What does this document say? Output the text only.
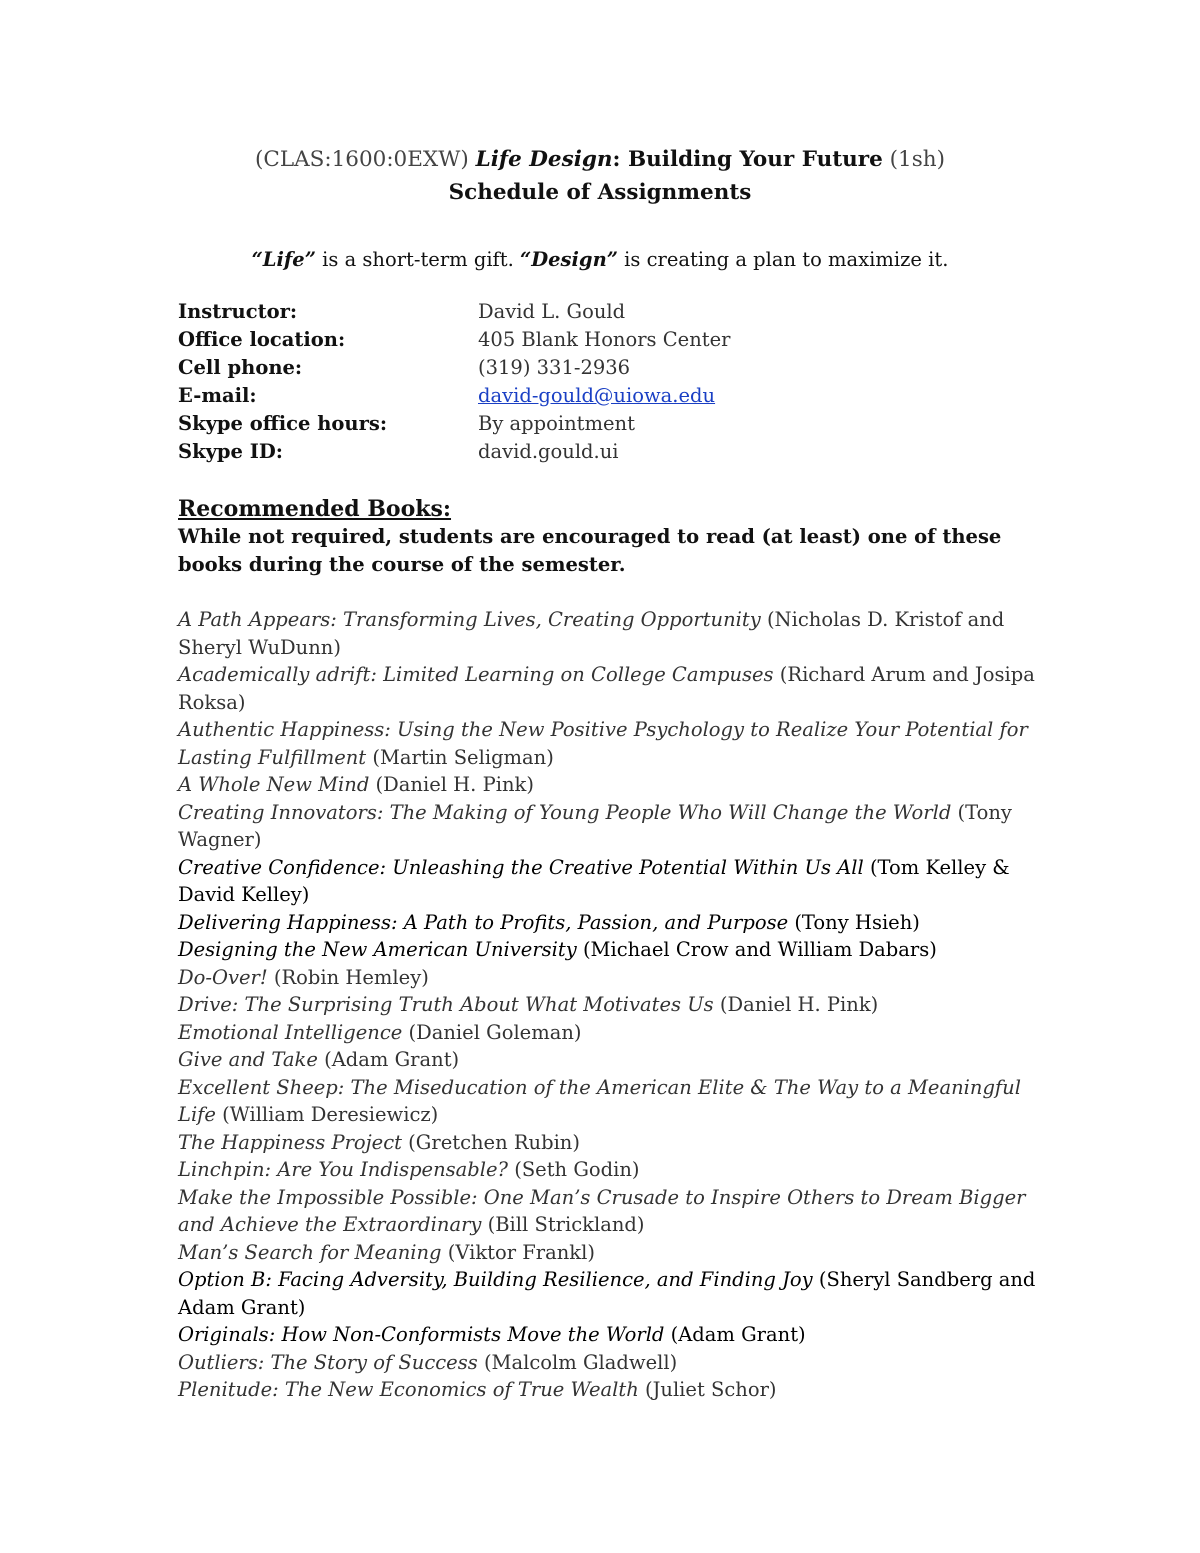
(CLAS:1600:0EXW) Life Design: Building Your Future (1sh)
Schedule of Assignments
“Life” is a short-term gift. “Design” is creating a plan to maximize it.
Instructor:	David L. Gould
Office location:	405 Blank Honors Center
Cell phone:	(319) 331-2936
E-mail:	david-gould@uiowa.edu
Skype office hours:	By appointment
Skype ID:	david.gould.ui
Recommended Books:
While not required, students are encouraged to read (at least) one of these books during the course of the semester.

A Path Appears: Transforming Lives, Creating Opportunity (Nicholas D. Kristof and Sheryl WuDunn)

Academically adrift: Limited Learning on College Campuses (Richard Arum and Josipa Roksa)

Authentic Happiness: Using the New Positive Psychology to Realize Your Potential for Lasting Fulfillment (Martin Seligman)

A Whole New Mind (Daniel H. Pink)

Creating Innovators: The Making of Young People Who Will Change the World (Tony Wagner)

Creative Confidence: Unleashing the Creative Potential Within Us All (Tom Kelley & David Kelley)

Delivering Happiness: A Path to Profits, Passion, and Purpose (Tony Hsieh)

Designing the New American University (Michael Crow and William Dabars)

Do-Over! (Robin Hemley)

Drive: The Surprising Truth About What Motivates Us (Daniel H. Pink)

Emotional Intelligence (Daniel Goleman)

Give and Take (Adam Grant)

Excellent Sheep: The Miseducation of the American Elite & The Way to a Meaningful Life (William Deresiewicz)

The Happiness Project (Gretchen Rubin)

Linchpin: Are You Indispensable? (Seth Godin)

Make the Impossible Possible: One Man’s Crusade to Inspire Others to Dream Bigger and Achieve the Extraordinary (Bill Strickland)

Man’s Search for Meaning (Viktor Frankl)

Option B: Facing Adversity, Building Resilience, and Finding Joy (Sheryl Sandberg and Adam Grant)

Originals: How Non-Conformists Move the World (Adam Grant)

Outliers: The Story of Success (Malcolm Gladwell)

Plenitude: The New Economics of True Wealth (Juliet Schor)
